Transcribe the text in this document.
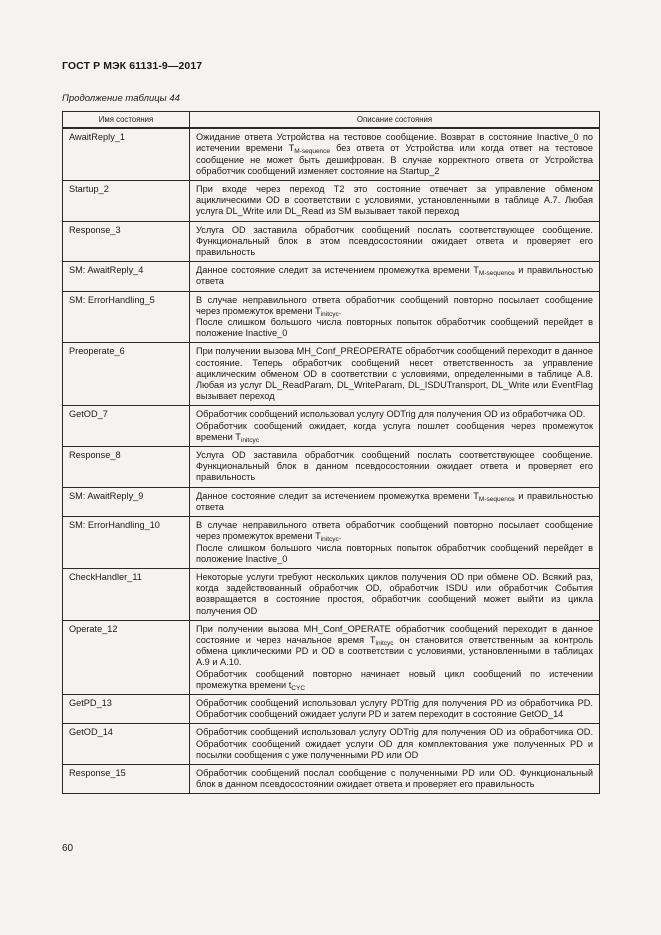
ГОСТ Р МЭК 61131-9—2017
Продолжение таблицы 44
Имя состояния	Описание состояния
AwaitReply_1	Ожидание ответа Устройства на тестовое сообщение. Возврат в состояние Inactive_0 по истечении времени $T_{M-sequence}$ без ответа от Устройства или когда ответ на тестовое сообщение не может быть дешифрован. В случае корректного ответа от Устройства обработчик сообщений изменяет состояние на Startup_2
Startup_2	При входе через переход T2 это состояние отвечает за управление обменом ациклическими OD в соответствии с условиями, установленными в таблице А.7. Любая услуга DL_Write или DL_Read из SM вызывает такой переход
Response_3	Услуга OD заставила обработчик сообщений послать соответствующее сообщение. Функциональный блок в этом псевдосостоянии ожидает ответа и проверяет его правильность
SM: AwaitReply_4	Данное состояние следит за истечением промежутка времени $T_{M-sequence}$ и правильностью ответа
SM: ErrorHandling_5	В случае неправильного ответа обработчик сообщений повторно посылает сообщение через промежуток времени $T_{initcyc}$.
После слишком большого числа повторных попыток обработчик сообщений перейдет в положение Inactive_0
Preoperate_6	При получении вызова MH_Conf_PREOPERATE обработчик сообщений переходит в данное состояние. Теперь обработчик сообщений несет ответственность за управление ациклическим обменом OD в соответствии с условиями, определенными в таблице А.8. Любая из услуг DL_ReadParam, DL_WriteParam, DL_ISDUTransport, DL_Write или EventFlag вызывает переход
GetOD_7	Обработчик сообщений использовал услугу ODTrig для получения OD из обработчика OD.
Обработчик сообщений ожидает, когда услуга пошлет сообщения через промежуток времени $T_{initcyc}$
Response_8	Услуга OD заставила обработчик сообщений послать соответствующее сообщение. Функциональный блок в данном псевдосостоянии ожидает ответа и проверяет его правильность
SM: AwaitReply_9	Данное состояние следит за истечением промежутка времени $T_{M-sequence}$ и правильностью ответа
SM: ErrorHandling_10	В случае неправильного ответа обработчик сообщений повторно посылает сообщение через промежуток времени $T_{initcyc}$.
После слишком большого числа повторных попыток обработчик сообщений перейдет в положение Inactive_0
CheckHandler_11	Некоторые услуги требуют нескольких циклов получения OD при обмене OD. Всякий раз, когда задействованный обработчик OD, обработчик ISDU или обработчик События возвращается в состояние простоя, обработчик сообщений может выйти из цикла получения OD
Operate_12	При получении вызова MH_Conf_OPERATE обработчик сообщений переходит в данное состояние и через начальное время $T_{initcyc}$ он становится ответственным за контроль обмена циклическими PD и OD в соответствии с условиями, установленными в таблицах А.9 и А.10.
Обработчик сообщений повторно начинает новый цикл сообщений по истечении промежутка времени $t_{CYC}$
GetPD_13	Обработчик сообщений использовал услугу PDTrig для получения PD из обработчика PD. Обработчик сообщений ожидает услуги PD и затем переходит в состояние GetOD_14
GetOD_14	Обработчик сообщений использовал услугу ODTrig для получения OD из обработчика OD. Обработчик сообщений ожидает услуги OD для комплектования уже полученных PD и посылки сообщения с уже полученными PD или OD
Response_15	Обработчик сообщений послал сообщение с полученными PD или OD. Функциональный блок в данном псевдосостоянии ожидает ответа и проверяет его правильность
60
